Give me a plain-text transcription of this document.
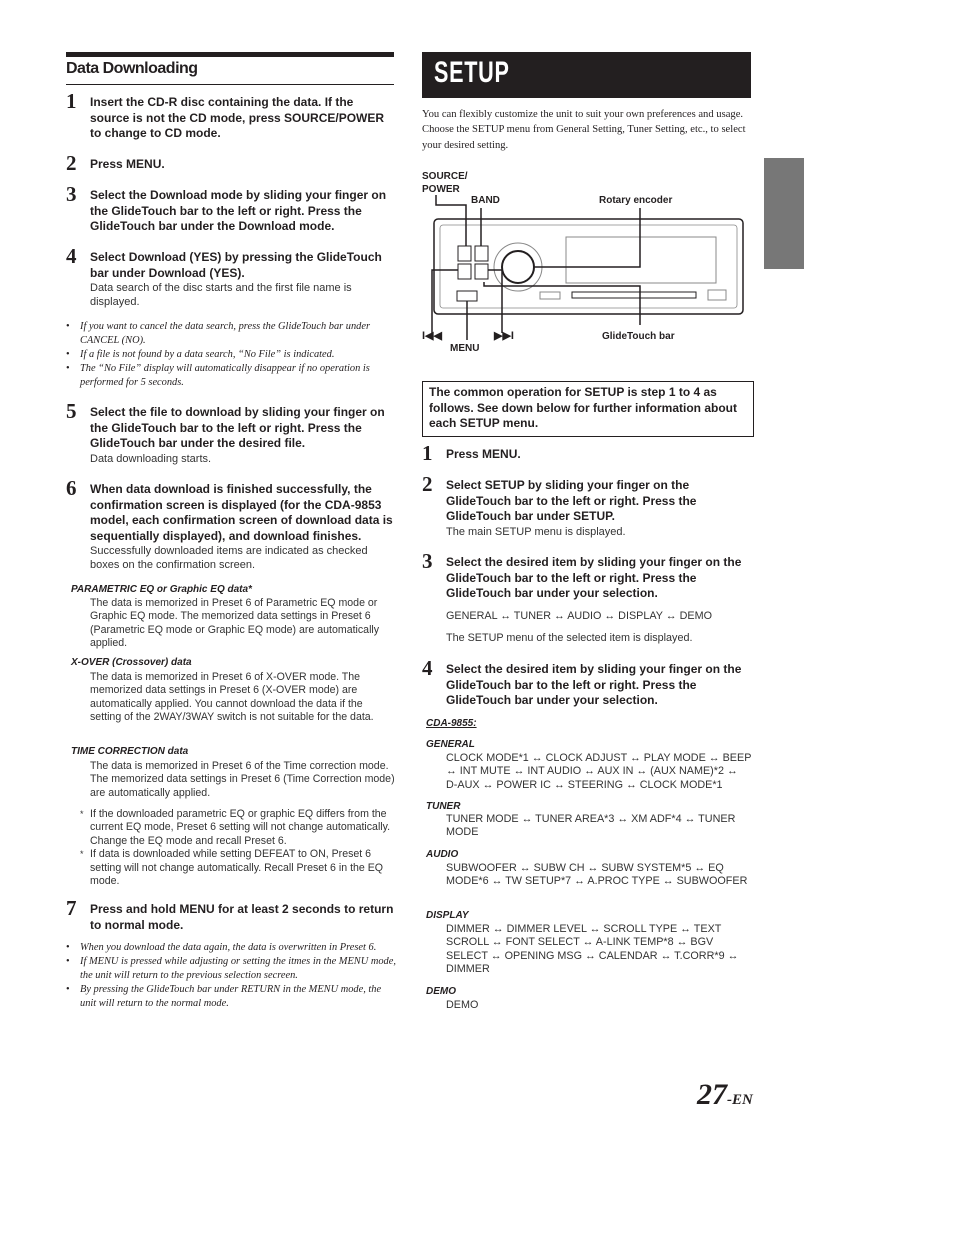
Data Downloading
1 Insert the CD-R disc containing the data. If the source is not the CD mode, press SOURCE/POWER to change to CD mode.
2 Press MENU.
3 Select the Download mode by sliding your finger on the GlideTouch bar to the left or right. Press the GlideTouch bar under the Download mode.
4 Select Download (YES) by pressing the GlideTouch bar under Download (YES).
Data search of the disc starts and the first file name is displayed.
• If you want to cancel the data search, press the GlideTouch bar under CANCEL (NO).
• If a file is not found by a data search, “No File” is indicated.
• The “No File” display will automatically disappear if no operation is performed for 5 seconds.
5 Select the file to download by sliding your finger on the GlideTouch bar to the left or right. Press the GlideTouch bar under the desired file.
Data downloading starts.
6 When data download is finished successfully, the confirmation screen is displayed (for the CDA-9853 model, each confirmation screen of download data is sequentially displayed), and download finishes.
Successfully downloaded items are indicated as checked boxes on the confirmation screen.
PARAMETRIC EQ or Graphic EQ data*
The data is memorized in Preset 6 of Parametric EQ mode or Graphic EQ mode. The memorized data settings in Preset 6 (Parametric EQ mode or Graphic EQ mode) are automatically applied.
X-OVER (Crossover) data
The data is memorized in Preset 6 of X-OVER mode. The memorized data settings in Preset 6 (X-OVER mode) are automatically applied. You cannot download the data if the setting of the 2WAY/3WAY switch is not suitable for the data.
TIME CORRECTION data
The data is memorized in Preset 6 of the Time correction mode. The memorized data settings in Preset 6 (Time Correction mode) are automatically applied.
* If the downloaded parametric EQ or graphic EQ differs from the current EQ mode, Preset 6 setting will not change automatically. Change the EQ mode and recall Preset 6.
* If data is downloaded while setting DEFEAT to ON, Preset 6 setting will not change automatically. Recall Preset 6 in the EQ mode.
7 Press and hold MENU for at least 2 seconds to return to normal mode.
• When you download the data again, the data is overwritten in Preset 6.
• If MENU is pressed while adjusting or setting the itmes in the MENU mode, the unit will return to the previous selection secreen.
• By pressing the GlideTouch bar under RETURN in the MENU mode, the unit will return to the normal mode.
SETUP
You can flexibly customize the unit to suit your own preferences and usage. Choose the SETUP menu from General Setting, Tuner Setting, etc., to select your desired setting.
SOURCE/ POWER
BAND	Rotary encoder
I◀◀	▶▶I
MENU
GlideTouch bar
The common operation for SETUP is step 1 to 4 as follows. See down below for further information about each SETUP menu.
1 Press MENU.
2 Select SETUP by sliding your finger on the GlideTouch bar to the left or right. Press the GlideTouch bar under SETUP.
The main SETUP menu is displayed.
3 Select the desired item by sliding your finger on the GlideTouch bar to the left or right. Press the GlideTouch bar under your selection.
GENERAL ↔ TUNER ↔ AUDIO ↔ DISPLAY ↔ DEMO
The SETUP menu of the selected item is displayed.
4 Select the desired item by sliding your finger on the GlideTouch bar to the left or right. Press the GlideTouch bar under your selection.
CDA-9855:
GENERAL
CLOCK MODE*1 ↔ CLOCK ADJUST ↔ PLAY MODE ↔ BEEP ↔ INT MUTE ↔ INT AUDIO ↔ AUX IN ↔ (AUX NAME)*2 ↔ D-AUX ↔ POWER IC ↔ STEERING ↔ CLOCK MODE*1
TUNER
TUNER MODE ↔ TUNER AREA*3 ↔ XM ADF*4 ↔ TUNER MODE
AUDIO
SUBWOOFER ↔ SUBW CH ↔ SUBW SYSTEM*5 ↔ EQ MODE*6 ↔ TW SETUP*7 ↔ A.PROC TYPE ↔ SUBWOOFER
DISPLAY
DIMMER ↔ DIMMER LEVEL ↔ SCROLL TYPE ↔ TEXT SCROLL ↔ FONT SELECT ↔ A-LINK TEMP*8 ↔ BGV SELECT ↔ OPENING MSG ↔ CALENDAR ↔ T.CORR*9 ↔ DIMMER
DEMO
DEMO
27-EN
